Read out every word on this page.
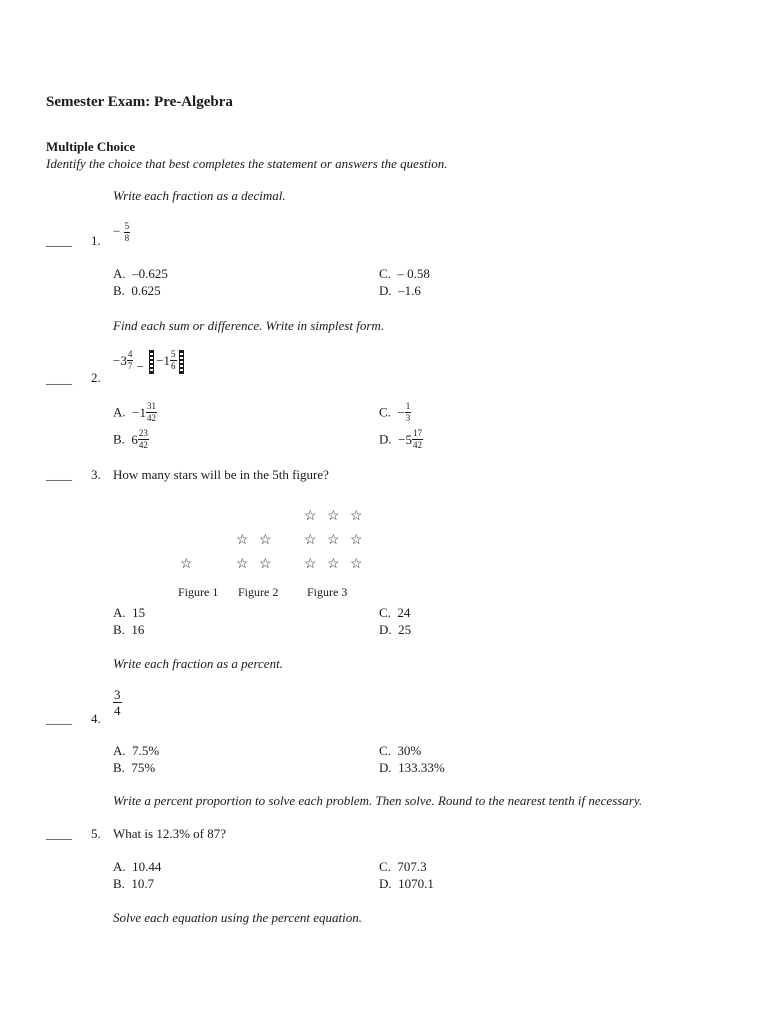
Semester Exam: Pre-Algebra
Multiple Choice
Identify the choice that best completes the statement or answers the question.
Write each fraction as a decimal.
____ 1.
− $\frac{5}{8}$
A. –0.625
B. 0.625
C. – 0.58
D. –1.6
Find each sum or difference. Write in simplest form.
____ 2.
$-3 \frac{4}{7} - -1 \frac{5}{6}$
A. $-1 \frac{31}{42}$
B. $6 \frac{23}{42}$
C. − $\frac{1}{3}$
D. $-5 \frac{17}{42}$
____ 3. How many stars will be in the 5th figure?
☆
☆ ☆
☆ ☆
☆ ☆ ☆
☆ ☆ ☆
☆ ☆ ☆
Figure 1 Figure 2 Figure 3
A. 15
B. 16
C. 24
D. 25
Write each fraction as a percent.
____ 4.
$\frac{3}{4}$
A. 7.5%
B. 75%
C. 30%
D. 133.33%
Write a percent proportion to solve each problem. Then solve. Round to the nearest tenth if necessary.
____ 5. What is 12.3% of 87?
A. 10.44
B. 10.7
C. 707.3
D. 1070.1
Solve each equation using the percent equation.
